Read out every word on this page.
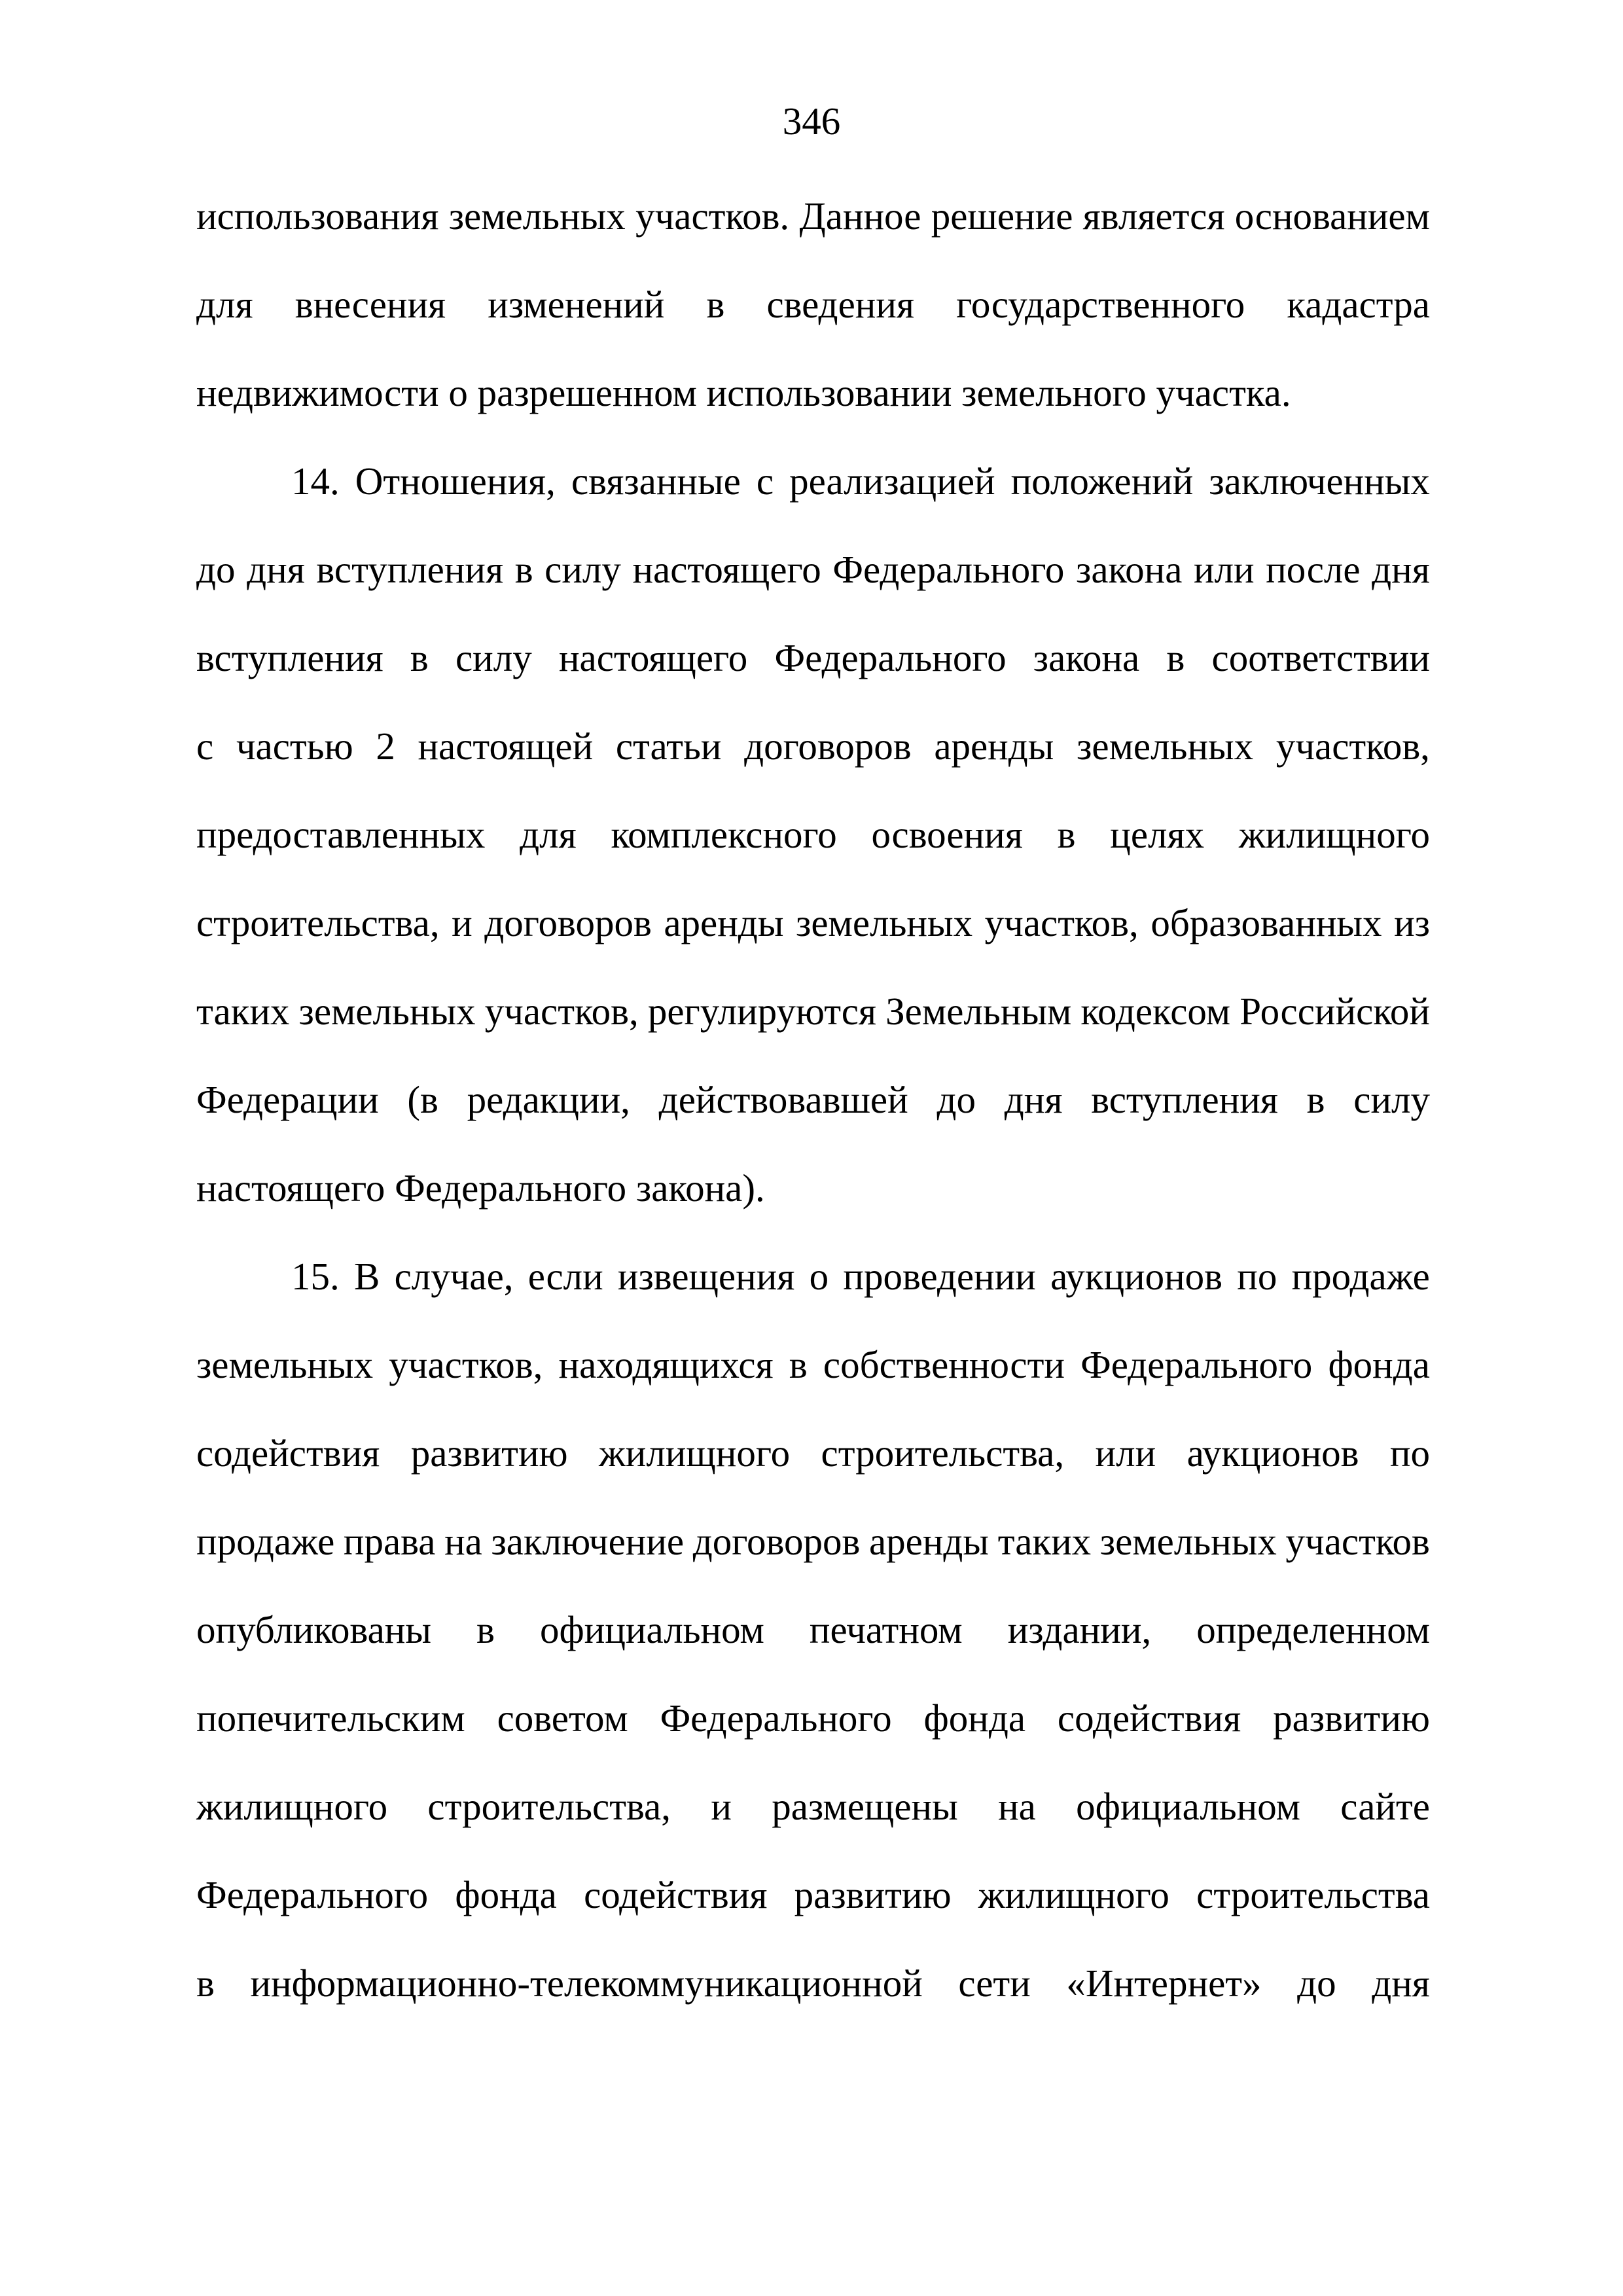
346
использования земельных участков. Данное решение является основанием
для внесения изменений в сведения государственного кадастра
недвижимости о разрешенном использовании земельного участка.
14. Отношения, связанные с реализацией положений заключенных
до дня вступления в силу настоящего Федерального закона или после дня
вступления в силу настоящего Федерального закона в соответствии
с частью 2 настоящей статьи договоров аренды земельных участков,
предоставленных для комплексного освоения в целях жилищного
строительства, и договоров аренды земельных участков, образованных из
таких земельных участков, регулируются Земельным кодексом Российской
Федерации (в редакции, действовавшей до дня вступления в силу
настоящего Федерального закона).
15. В случае, если извещения о проведении аукционов по продаже
земельных участков, находящихся в собственности Федерального фонда
содействия развитию жилищного строительства, или аукционов по
продаже права на заключение договоров аренды таких земельных участков
опубликованы в официальном печатном издании, определенном
попечительским советом Федерального фонда содействия развитию
жилищного строительства, и размещены на официальном сайте
Федерального фонда содействия развитию жилищного строительства
в информационно-телекоммуникационной сети «Интернет» до дня
